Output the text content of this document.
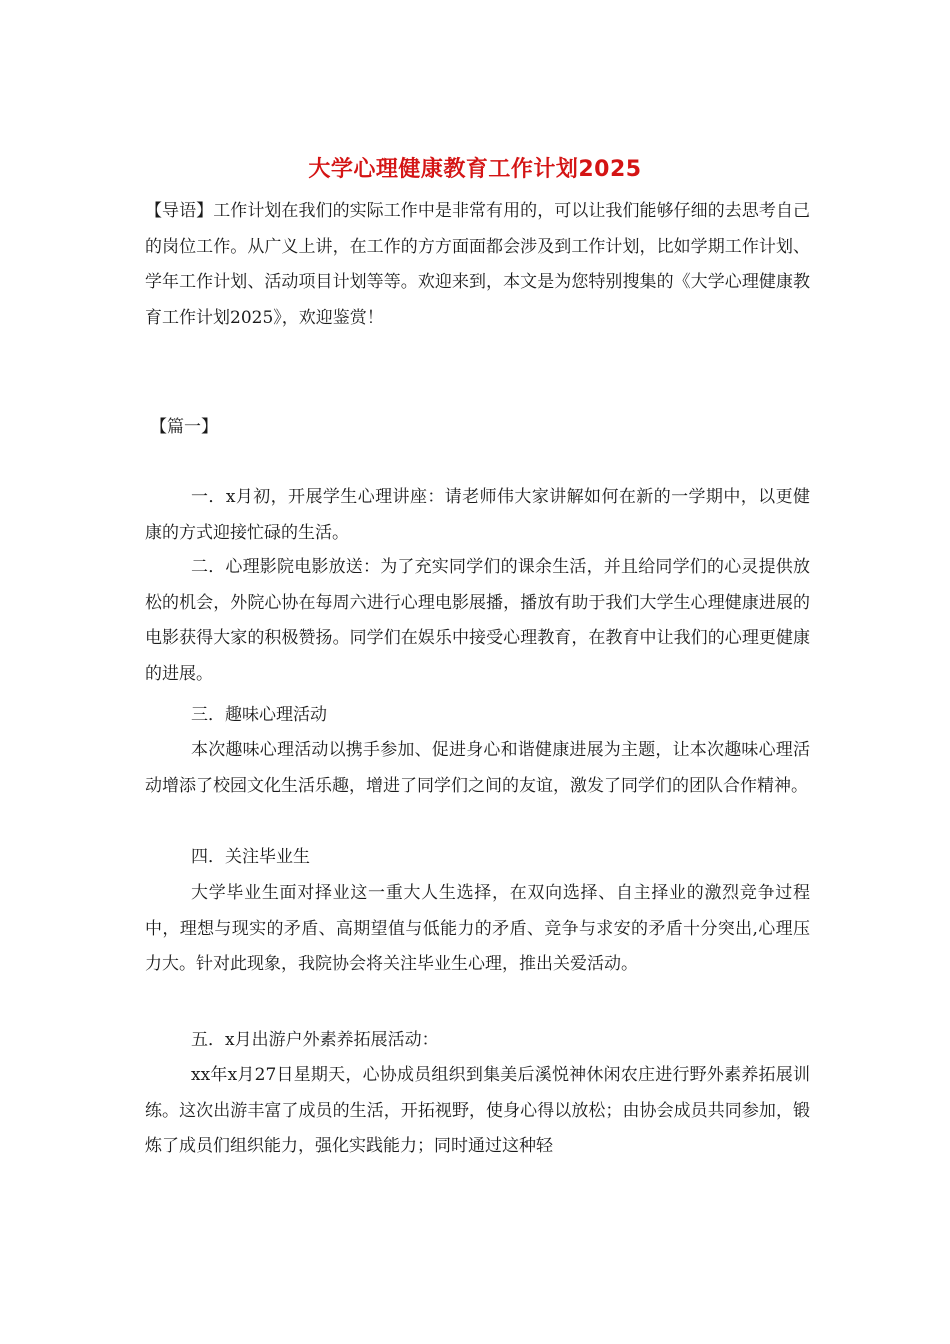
大学心理健康教育工作计划2025

【导语】工作计划在我们的实际工作中是非常有用的，可以让我们能够仔细的去思考自己的岗位工作。从广义上讲，在工作的方方面面都会涉及到工作计划，比如学期工作计划、学年工作计划、活动项目计划等等。欢迎来到，本文是为您特别搜集的《大学心理健康教育工作计划2025》，欢迎鉴赏！

【篇一】

一．x月初，开展学生心理讲座：请老师伟大家讲解如何在新的一学期中，以更健康的方式迎接忙碌的生活。

二．心理影院电影放送：为了充实同学们的课余生活，并且给同学们的心灵提供放松的机会，外院心协在每周六进行心理电影展播，播放有助于我们大学生心理健康进展的电影获得大家的积极赞扬。同学们在娱乐中接受心理教育，在教育中让我们的心理更健康的进展。

三．趣味心理活动

本次趣味心理活动以携手参加、促进身心和谐健康进展为主题，让本次趣味心理活动增添了校园文化生活乐趣，增进了同学们之间的友谊，激发了同学们的团队合作精神。

四．关注毕业生

大学毕业生面对择业这一重大人生选择，在双向选择、自主择业的激烈竞争过程中，理想与现实的矛盾、高期望值与低能力的矛盾、竞争与求安的矛盾十分突出,心理压力大。针对此现象，我院协会将关注毕业生心理，推出关爱活动。

五．x月出游户外素养拓展活动：

xx年x月27日星期天，心协成员组织到集美后溪悦神休闲农庄进行野外素养拓展训练。这次出游丰富了成员的生活，开拓视野，使身心得以放松；由协会成员共同参加，锻炼了成员们组织能力，强化实践能力；同时通过这种轻
